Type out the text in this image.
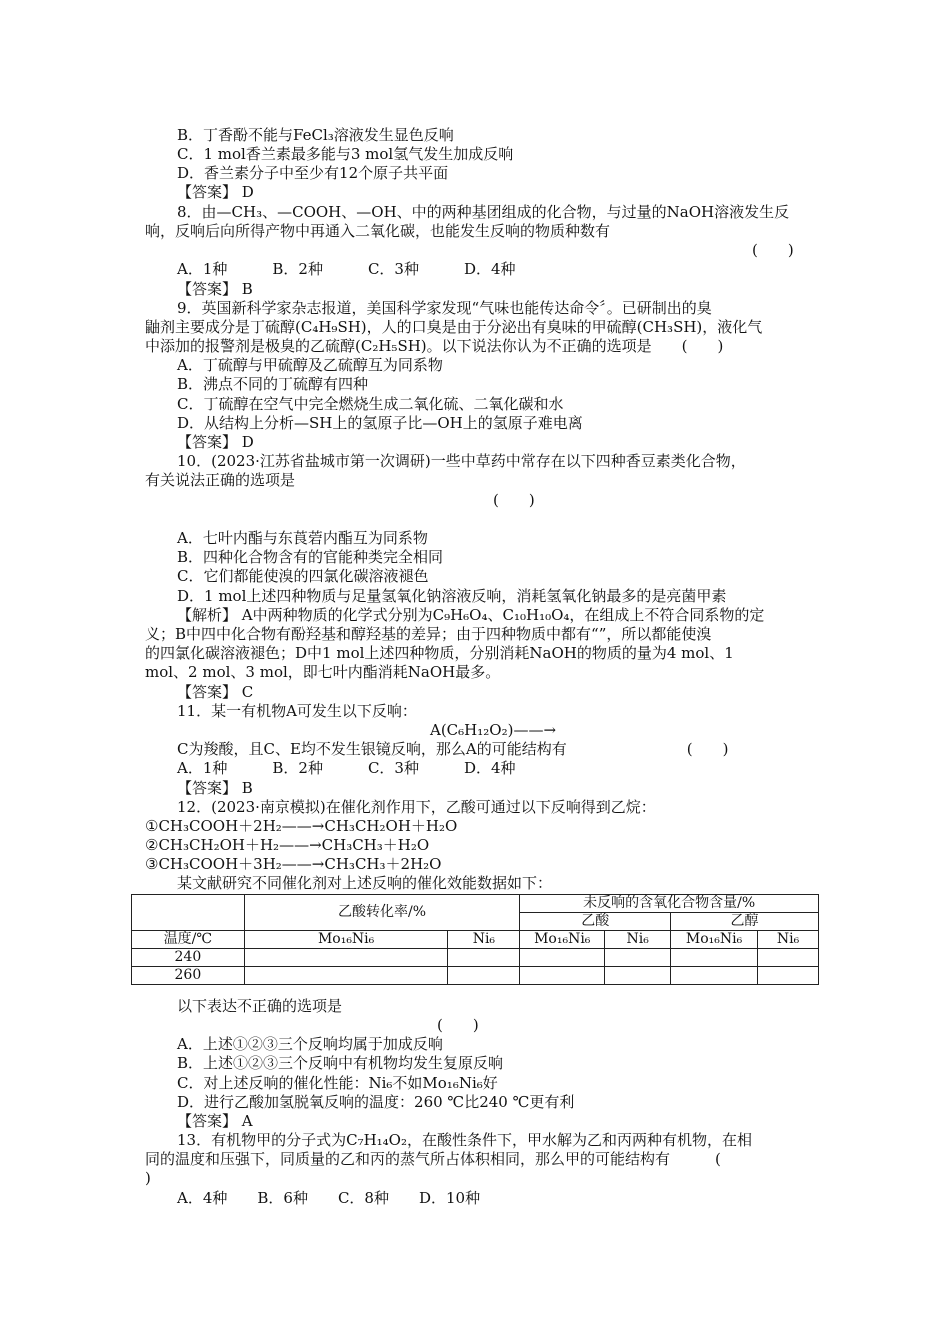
B．丁香酚不能与FeCl₃溶液发生显色反响
C．1 mol香兰素最多能与3 mol氢气发生加成反响
D．香兰素分子中至少有12个原子共平面
【答案】 D
8．由—CH₃、—COOH、—OH、中的两种基团组成的化合物，与过量的NaOH溶液发生反
响，反响后向所得产物中再通入二氧化碳，也能发生反响的物质种数有
(　　)
A．1种　　　B．2种　　　C．3种　　　D．4种
【答案】 B
9．英国新科学家杂志报道，美国科学家发现“气味也能传达命令〞。已研制出的臭
鼬剂主要成分是丁硫醇(C₄H₉SH)，人的口臭是由于分泌出有臭味的甲硫醇(CH₃SH)，液化气
中添加的报警剂是极臭的乙硫醇(C₂H₅SH)。以下说法你认为不正确的选项是　　(　　)
A．丁硫醇与甲硫醇及乙硫醇互为同系物
B．沸点不同的丁硫醇有四种
C．丁硫醇在空气中完全燃烧生成二氧化硫、二氧化碳和水
D．从结构上分析—SH上的氢原子比—OH上的氢原子难电离
【答案】 D
10．(2023·江苏省盐城市第一次调研)一些中草药中常存在以下四种香豆素类化合物，
有关说法正确的选项是
(　　)
A．七叶内酯与东莨菪内酯互为同系物
B．四种化合物含有的官能种类完全相同
C．它们都能使溴的四氯化碳溶液褪色
D．1 mol上述四种物质与足量氢氧化钠溶液反响，消耗氢氧化钠最多的是亮菌甲素
【解析】 A中两种物质的化学式分别为C₉H₆O₄、C₁₀H₁₀O₄，在组成上不符合同系物的定
义；B中四中化合物有酚羟基和醇羟基的差异；由于四种物质中都有“”，所以都能使溴
的四氯化碳溶液褪色；D中1 mol上述四种物质，分别消耗NaOH的物质的量为4 mol、1
mol、2 mol、3 mol，即七叶内酯消耗NaOH最多。
【答案】 C
11．某一有机物A可发生以下反响：
A(C₆H₁₂O₂)——→
C为羧酸，且C、E均不发生银镜反响，那么A的可能结构有　　　　　　　　(　　)
A．1种　　　B．2种　　　C．3种　　　D．4种
【答案】 B
12．(2023·南京模拟)在催化剂作用下，乙酸可通过以下反响得到乙烷：
①CH₃COOH＋2H₂——→CH₃CH₂OH＋H₂O
②CH₃CH₂OH＋H₂——→CH₃CH₃＋H₂O
③CH₃COOH＋3H₂——→CH₃CH₃＋2H₂O
某文献研究不同催化剂对上述反响的催化效能数据如下：
以下表达不正确的选项是
(　　)
A．上述①②③三个反响均属于加成反响
B．上述①②③三个反响中有机物均发生复原反响
C．对上述反响的催化性能：Ni₆不如Mo₁₆Ni₆好
D．进行乙酸加氢脱氧反响的温度：260 ℃比240 ℃更有利
【答案】 A
13．有机物甲的分子式为C₇H₁₄O₂，在酸性条件下，甲水解为乙和丙两种有机物，在相
同的温度和压强下，同质量的乙和丙的蒸气所占体积相同，那么甲的可能结构有　　　(
)
A．4种　　B．6种　　C．8种　　D．10种
	乙酸转化率/%		未反响的含氧化合物含量/%			
			乙酸		乙醇	
温度/℃	Mo₁₆Ni₆	Ni₆	Mo₁₆Ni₆	Ni₆	Mo₁₆Ni₆	Ni₆
240						
260						
